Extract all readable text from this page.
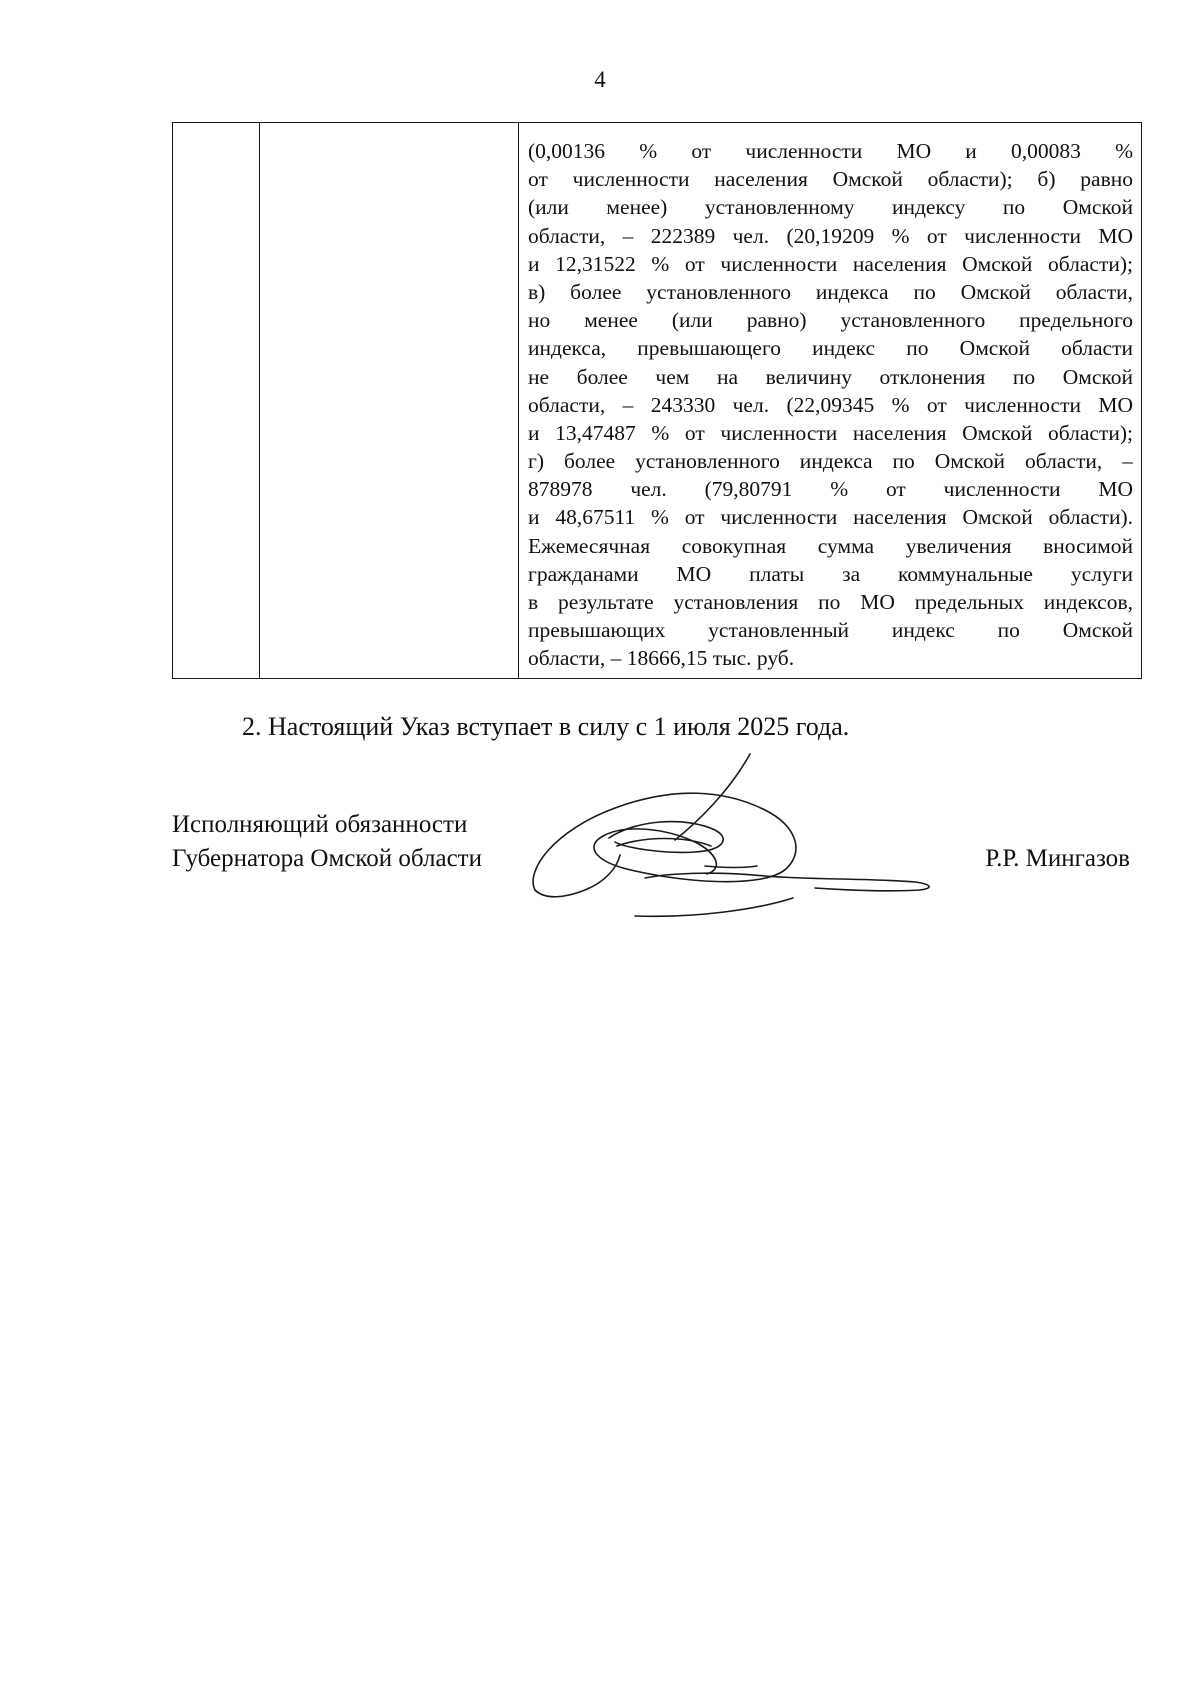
4

(0,00136 % от численности МО и 0,00083 %
от численности населения Омской области); б) равно
(или менее) установленному индексу по Омской
области, – 222389 чел. (20,19209 % от численности МО
и 12,31522 % от численности населения Омской области);
в) более установленного индекса по Омской области,
но менее (или равно) установленного предельного
индекса, превышающего индекс по Омской области
не более чем на величину отклонения по Омской
области, – 243330 чел. (22,09345 % от численности МО
и 13,47487 % от численности населения Омской области);
г) более установленного индекса по Омской области, –
878978 чел. (79,80791 % от численности МО
и 48,67511 % от численности населения Омской области).
Ежемесячная совокупная сумма увеличения вносимой
гражданами МО платы за коммунальные услуги
в результате установления по МО предельных индексов,
превышающих установленный индекс по Омской
области, – 18666,15 тыс. руб.
2. Настоящий Указ вступает в силу с 1 июля 2025 года.
Исполняющий обязанности
Губернатора Омской области	Р.Р. Мингазов
